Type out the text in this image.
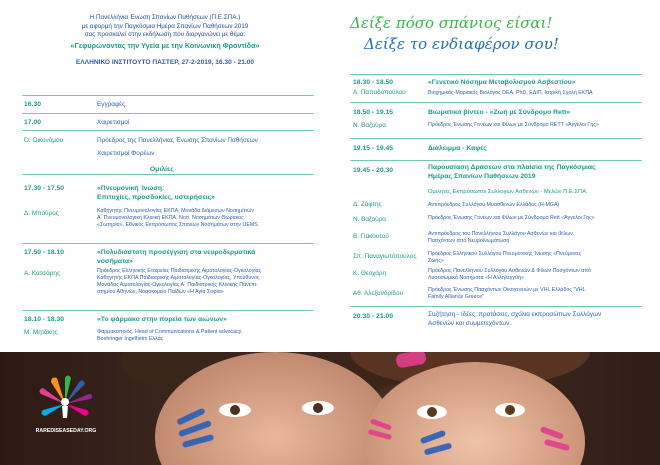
Η Πανελλήνια Ένωση Σπανίων Παθήσεων (Π.Ε.ΣΠΑ.)
με αφορμή την Παγκόσμια Ημέρα Σπανίων Παθήσεων 2019
σας προσκαλεί στην εκδήλωση που διοργανώνει με θέμα:
«Γεφυρώνοντας την Υγεία με την Κοινωνική Φροντίδα»
ΕΛΛΗΝΙΚΟ ΙΝΣΤΙΤΟΥΤΟ ΠΑΣΤΕΡ, 27-2-2019, 16.30 - 21.00
Δείξε πόσο σπάνιος είσαι!
Δείξε το ενδιαφέρον σου!
16.30	Εγγραφές
17.00	Χαιρετισμοί
Ό. Οικονόμου	Πρόεδρος της Πανελλήνιας Ένωσης Σπανίων Παθήσεων
Χαιρετισμοί Φορέων
Ομιλίες
17.30 - 17.50	«Πνευμονική Ίνωση:
Επιτυχίες, προσδοκίες, υστερήσεις»
Δ. Μπούρος	Καθηγητής Πνευμονολογίας ΕΚΠΑ, Μονάδα Διάμεσων Νοσημάτων
Α΄ Πνευμονολογική Κλινική ΕΚΠΑ, Νοσ. Νοσημάτων Θώρακος
«Σωτηρία», Εθνικός Εκπρόσωπος Σπανίων Νοσημάτων στην UEMS
17.50 - 18.10	«Πολυδιάστατη προσέγγιση στα νευροδερματικά
νοσήματα»
Α. Κατσάρης	Πρόεδρος Ελληνικής Εταιρείας Παιδιατρικής Αιματολογίας-Ογκολογίας
Καθηγητής ΕΚΠΑ Παιδιατρικής Αιματολογίας-Ογκολογίας, Υπεύθυνος
Μονάδας Αιματολογίας-Ογκολογίας Α΄ Παιδιατρικής Κλινικής Πανεπι-
στημίου Αθηνών, Νοσοκομείο Παίδων «Η Αγία Σοφία»
18.10 - 18.30	«Το φάρμακο στην πορεία των αιώνων»
Μ. Μητάκης	Φαρμακοποιός, Head of Communications & Patient advocacy,
Boehringer Ingelheim Ελλάς
18.30 - 18.50	«Γενετικό Νόσημα Μεταβολισμού Ασβεστίου»
Α. Παπαδοπούλου	Βιοχημικός-Μοριακός Βιολόγος DEA, PhD, ΕΔΙΠ, Ιατρική Σχολή ΕΚΠΑ
18.50 - 19.15	Βιωματικό βίντεο - «Ζωή με Σύνδρομο Rett»
Ν. Βαζούρα	Πρόεδρος Ένωσης Γονέων και Φίλων με Σύνδρομο RETT «Άγγελοι Γης»
19.15 - 19.45	Διάλειμμα - Καφές
19.45 - 20.30	Παρουσίαση Δράσεων στα πλαίσια της Παγκόσμιας
Ημέρας Σπανίων Παθήσεων 2019
Ομιλητές Εκπρόσωποι Συλλόγων Ασθενών - Μελών Π.Ε.ΣΠΑ.
Δ. Ζάφτης	Αντιπρόεδρος Συλλόγου Μυασθενών Ελλάδος (H-MGA)
Ν. Βαζούρα	Πρόεδρος Ένωσης Γονέων και Φίλων με Σύνδρομο Rett «Άγγελοι Γης»
Β. Γιακουτού	Αντιπρόεδρος του Πανελλήνιου Συλλόγου Ασθενών και Φίλων
Πασχόντων από Νευροϊνωμάτωση
Σπ. Παναγιωτόπουλος Πρόεδρος Ελληνικού Συλλόγου Πνευμονικής Ίνωσης «Πνεύμονες
Ζωής»
Κ. Θεοχάρη	Πρόεδρος Πανελλήνιου Συλλόγου Ασθενών & Φίλων Πασχόντων από
Λυσοσωμικά Νοσήματα «Η Αλληλεγγύη»
Αθ. Αλεξανδρίδου	Πρόεδρος Ένωσης Πασχόντων Οικογενειών με VHL Ελλάδος "VHL
Family Alliance Greece"
20.30 - 21.00	Συζήτηση - Ιδέες, προτάσεις, σχόλια εκπροσώπων Συλλόγων
Ασθενών και συμμετεχόντων.
RAREDISEASEDAY.ORG
